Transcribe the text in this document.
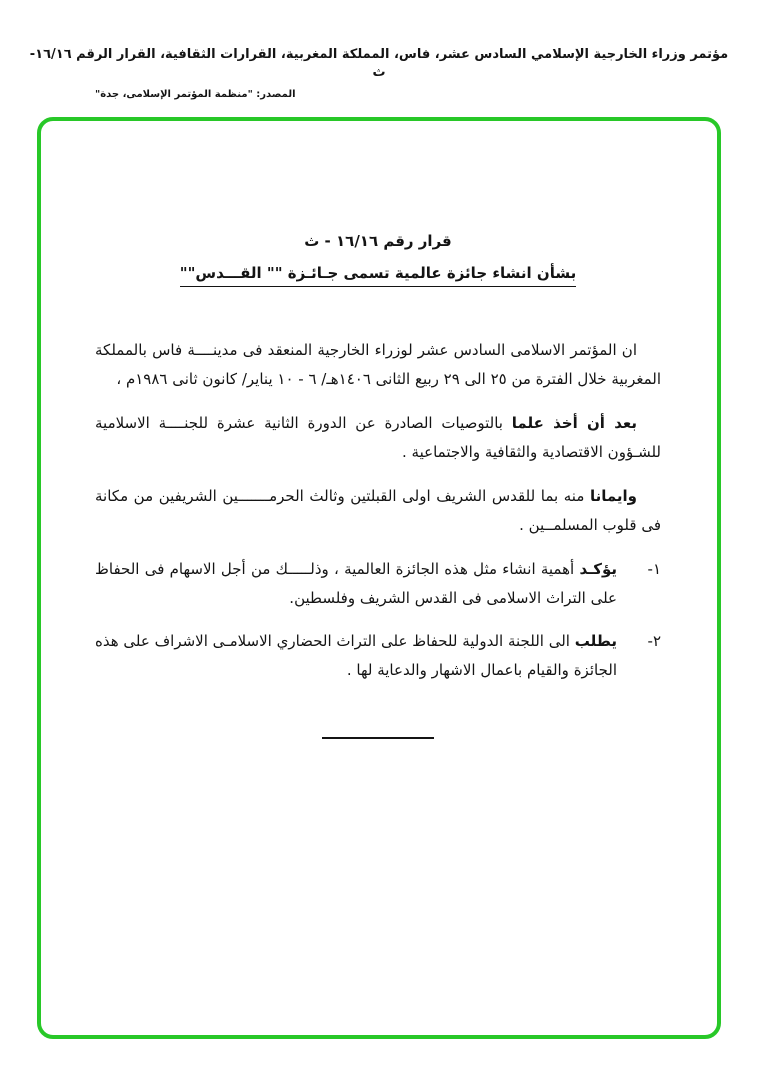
مؤتمر وزراء الخارجية الإسلامي السادس عشر، فاس، المملكة المغربية، القرارات الثقافية، القرار الرقم ١٦/١٦-ث
المصدر: "منظمة المؤتمر الإسلامى، جدة"
قرار رقم ١٦/١٦ - ث
بشأن انشاء جائزة عالمية تسمى جـائـزة "" القـــدس""

ان المؤتمر الاسلامى السادس عشر لوزراء الخارجية المنعقد فى مدينــــة فاس بالمملكة المغربية خلال الفترة من ٢٥ الى ٢٩ ربيع الثانى ١٤٠٦هـ/ ٦ - ١٠ يناير/ كانون ثانى ١٩٨٦م ،

بعد أن أخذ علما بالتوصيات الصادرة عن الدورة الثانية عشرة للجنــــة الاسلامية للشـؤون الاقتصادية والثقافية والاجتماعية .

وايمانا منه بما للقدس الشريف اولى القبلتين وثالث الحرمـــــــين الشريفين من مكانة فى قلوب المسلمــين .

١-

يؤكـد أهمية انشاء مثل هذه الجائزة العالمية ، وذلـــــك من أجل الاسهام فى الحفاظ على التراث الاسلامى فى القدس الشريف وفلسطين.

٢-

يطلب الى اللجنة الدولية للحفاظ على التراث الحضاري الاسلامـى الاشراف على هذه الجائزة والقيام باعمال الاشهار والدعاية لها .
